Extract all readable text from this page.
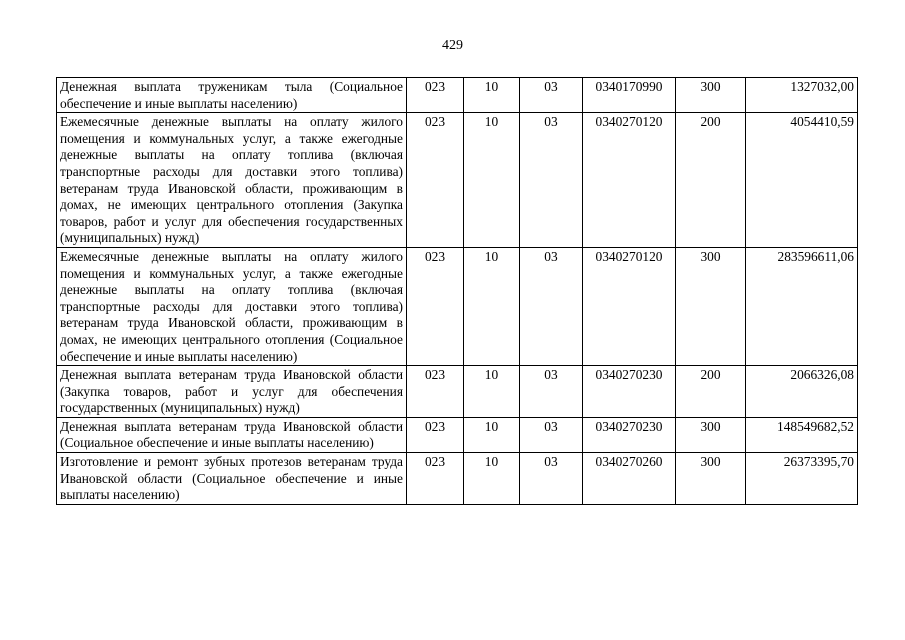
429
Денежная выплата труженикам тыла (Социальное обеспечение и иные выплаты населению)	023	10	03	0340170990	300	1327032,00
Ежемесячные денежные выплаты на оплату жилого помещения и коммунальных услуг, а также ежегодные денежные выплаты на оплату топлива (включая транспортные расходы для доставки этого топлива) ветеранам труда Ивановской области, проживающим в домах, не имеющих центрального отопления (Закупка товаров, работ и услуг для обеспечения государственных (муниципальных) нужд)	023	10	03	0340270120	200	4054410,59
Ежемесячные денежные выплаты на оплату жилого помещения и коммунальных услуг, а также ежегодные денежные выплаты на оплату топлива (включая транспортные расходы для доставки этого топлива) ветеранам труда Ивановской области, проживающим в домах, не имеющих центрального отопления (Социальное обеспечение и иные выплаты населению)	023	10	03	0340270120	300	283596611,06
Денежная выплата ветеранам труда Ивановской области (Закупка товаров, работ и услуг для обеспечения государственных (муниципальных) нужд)	023	10	03	0340270230	200	2066326,08
Денежная выплата ветеранам труда Ивановской области (Социальное обеспечение и иные выплаты населению)	023	10	03	0340270230	300	148549682,52
Изготовление и ремонт зубных протезов ветеранам труда Ивановской области (Социальное обеспечение и иные выплаты населению)	023	10	03	0340270260	300	26373395,70
